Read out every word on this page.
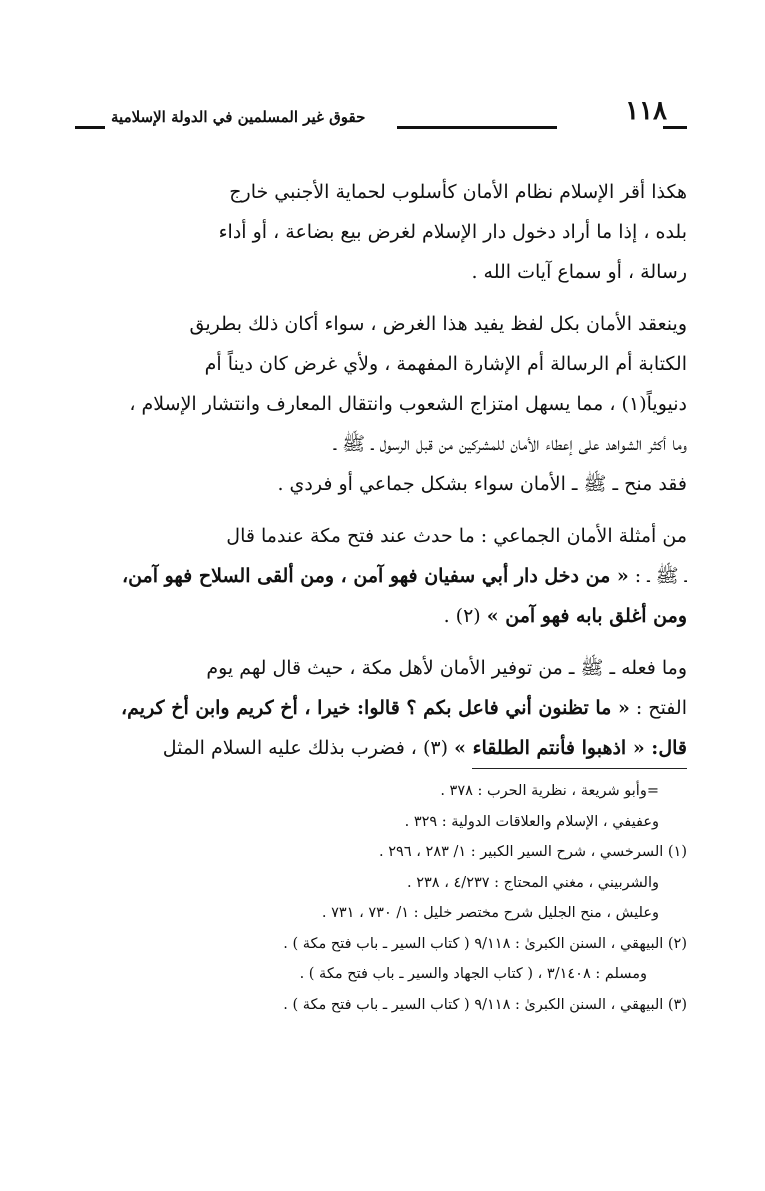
١١٨
حقوق غير المسلمين في الدولة الإسلامية

هكذا أقر الإسلام نظام الأمان كأسلوب لحماية الأجنبي خارج
بلده ، إذا ما أراد دخول دار الإسلام لغرض بيع بضاعة ، أو أداء
رسالة ، أو سماع آيات الله .

وينعقد الأمان بكل لفظ يفيد هذا الغرض ، سواء أكان ذلك بطريق
الكتابة أم الرسالة أم الإشارة المفهمة ، ولأي غرض كان ديناً أم
دنيوياً(١) ، مما يسهل امتزاج الشعوب وانتقال المعارف وانتشار الإسلام ،
وما أكثر الشواهد على إعطاء الأمان للمشركين من قبل الرسول ـ ﷺ ـ
فقد منح ـ ﷺ ـ الأمان سواء بشكل جماعي أو فردي .

من أمثلة الأمان الجماعي : ما حدث عند فتح مكة عندما قال
ـ ﷺ ـ : « من دخل دار أبي سفيان فهو آمن ، ومن ألقى السلاح فهو آمن،
ومن أغلق بابه فهو آمن » (٢) .

وما فعله ـ ﷺ ـ من توفير الأمان لأهل مكة ، حيث قال لهم يوم
الفتح : « ما تظنون أني فاعل بكم ؟ قالوا: خيرا ، أخ كريم وابن أخ كريم،
قال: « اذهبوا فأنتم الطلقاء » (٣) ، فضرب بذلك عليه السلام المثل

=وأبو شريعة ، نظرية الحرب : ٣٧٨ .
وعفيفي ، الإسلام والعلاقات الدولية : ٣٢٩ .
(١) السرخسي ، شرح السير الكبير : ١/ ٢٨٣ ، ٢٩٦ .
والشربيني ، مغني المحتاج : ٤/٢٣٧ ، ٢٣٨ .
وعليش ، منح الجليل شرح مختصر خليل : ١/ ٧٣٠ ، ٧٣١ .
(٢) البيهقي ، السنن الكبرىٰ : ٩/١١٨ ( كتاب السير ـ باب فتح مكة ) .
ومسلم : ٣/١٤٠٨ ، ( كتاب الجهاد والسير ـ باب فتح مكة ) .
(٣) البيهقي ، السنن الكبرىٰ : ٩/١١٨ ( كتاب السير ـ باب فتح مكة ) .
